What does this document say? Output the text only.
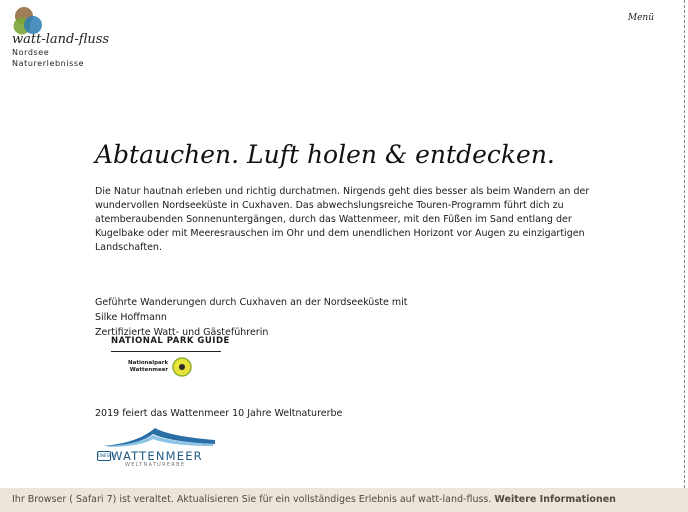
watt-land-fluss
Nordsee
Naturerlebnisse
Menü
Abtauchen. Luft holen & entdecken.

Die Natur hautnah erleben und richtig durchatmen. Nirgends geht dies besser als beim Wandern an der wundervollen Nordseeküste in Cuxhaven. Das abwechslungsreiche Touren-Programm führt dich zu atemberaubenden Sonnenuntergängen, durch das Wattenmeer, mit den Füßen im Sand entlang der Kugelbake oder mit Meeresrauschen im Ohr und dem unendlichen Horizont vor Augen zu einzigartigen Landschaften.

Geführte Wanderungen durch Cuxhaven an der Nordseeküste mit
Silke Hoffmann
Zertifizierte Watt- und Gästeführerin
NATIONAL PARK GUIDE
Nationalpark
Wattenmeer
2019 feiert das Wattenmeer 10 Jahre Weltnaturerbe
UNESCO
WATTENMEER
WELTNATURERBE
Ihr Browser ( Safari 7) ist veraltet. Aktualisieren Sie für ein vollständiges Erlebnis auf watt-land-fluss. Weitere Informationen
